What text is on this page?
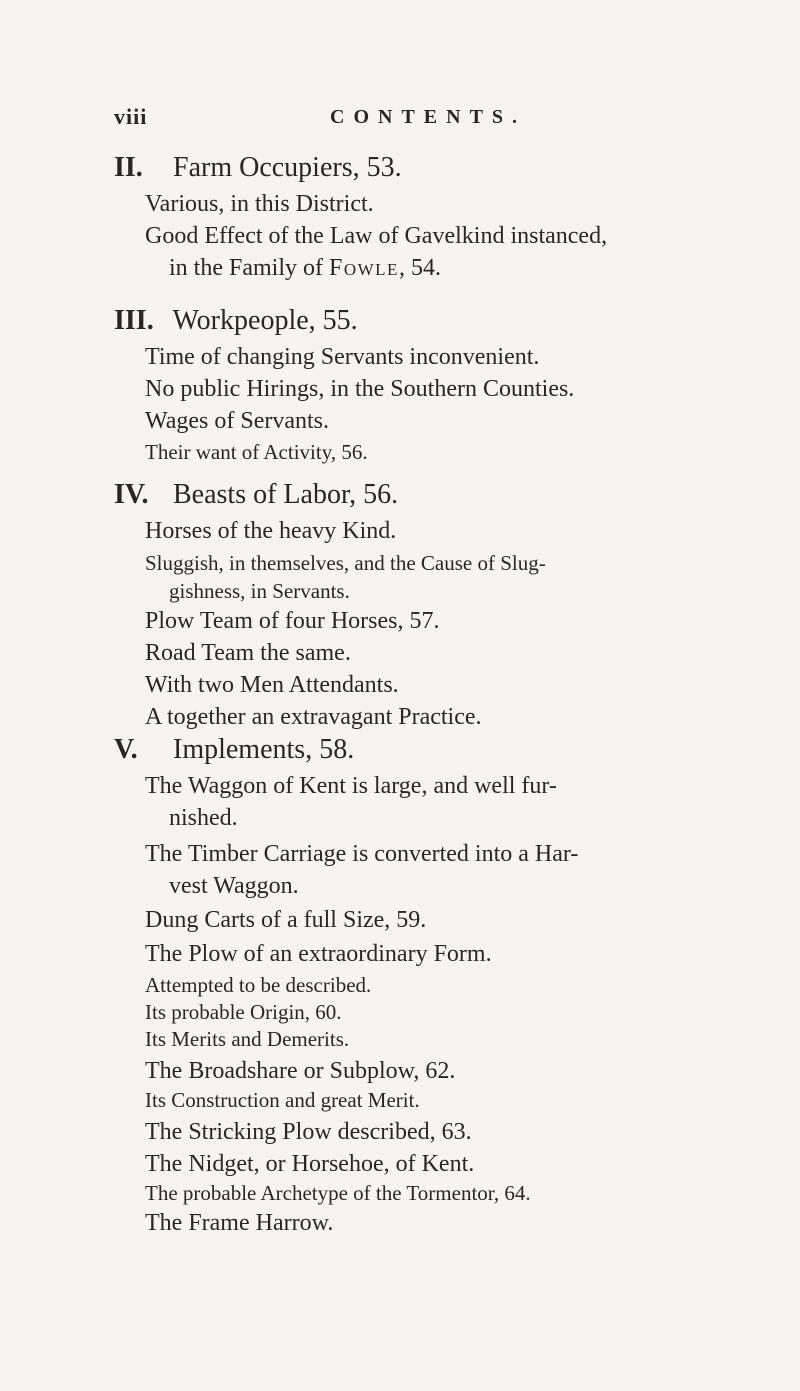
viii	CONTENTS.
II. Farm Occupiers, 53.
Various, in this District.
Good Effect of the Law of Gavelkind instanced,
in the Family of Fowle, 54.
III. Workpeople, 55.
Time of changing Servants inconvenient.
No public Hirings, in the Southern Counties.
Wages of Servants.
Their want of Activity, 56.
IV. Beasts of Labor, 56.
Horses of the heavy Kind.
Sluggish, in themselves, and the Cause of Slug-
gishness, in Servants.
Plow Team of four Horses, 57.
Road Team the same.
With two Men Attendants.
A together an extravagant Practice.
V. Implements, 58.
The Waggon of Kent is large, and well fur-
nished.
The Timber Carriage is converted into a Har-
vest Waggon.
Dung Carts of a full Size, 59.
The Plow of an extraordinary Form.
Attempted to be described.
Its probable Origin, 60.
Its Merits and Demerits.
The Broadshare or Subplow, 62.
Its Construction and great Merit.
The Stricking Plow described, 63.
The Nidget, or Horsehoe, of Kent.
The probable Archetype of the Tormentor, 64.
The Frame Harrow.
